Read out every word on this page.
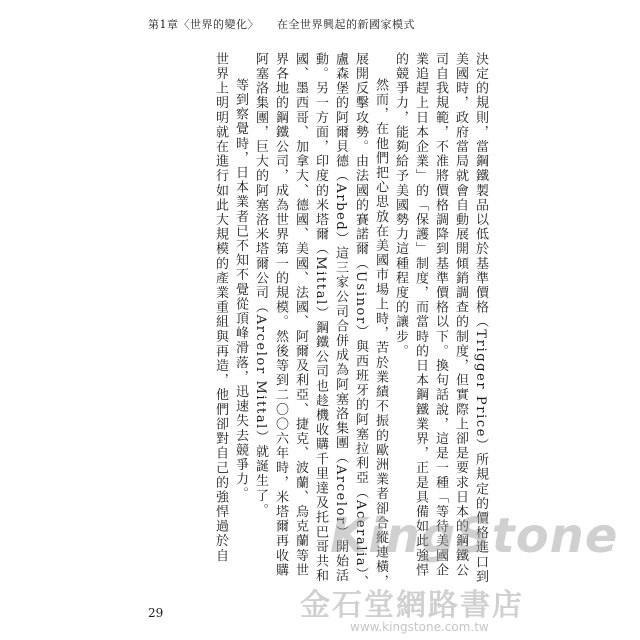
第1章〈世界的變化〉 在全世界興起的新國家模式

決定的規則，當鋼鐵製品以低於基準價格（Trigger Price）所規定的價格進口到美國時，政府當局就會自動展開傾銷調查的制度，但實際上卻是要求日本的鋼鐵公司自我規範，不准將價格調降到基準價格以下。換句話說，這是一種「等待美國企業追趕上日本企業」的「保護」制度，而當時的日本鋼鐵業界，正是具備如此強悍的競爭力，能夠給予美國勢力這種程度的讓步。

然而，在他們把心思放在美國市場上時，苦於業績不振的歐洲業者卻合縱連橫，展開反擊攻勢。由法國的賽諾爾（Usinor）與西班牙的阿塞拉利亞（Aceralia）、盧森堡的阿爾貝德（Arbed）這三家公司合併成為阿塞洛集團（Arcelor）開始活動。另一方面，印度的米塔爾（Mittal）鋼鐵公司也趁機收購千里達及托巴哥共和國、墨西哥、加拿大、德國、美國、法國、阿爾及利亞、捷克、波蘭、烏克蘭等世界各地的鋼鐵公司，成為世界第一的規模。然後等到二〇〇六年時，米塔爾再收購阿塞洛集團，巨大的阿塞洛米塔爾公司（Arcelor Mittal）就誕生了。

等到察覺時，日本業者已不知不覺從頂峰滑落，迅速失去競爭力。

世界上明明就在進行如此大規模的產業重組與再造，他們卻對自己的強悍過於自

29
KingStone
金石堂網路書店
www.kingstone.com.tw
